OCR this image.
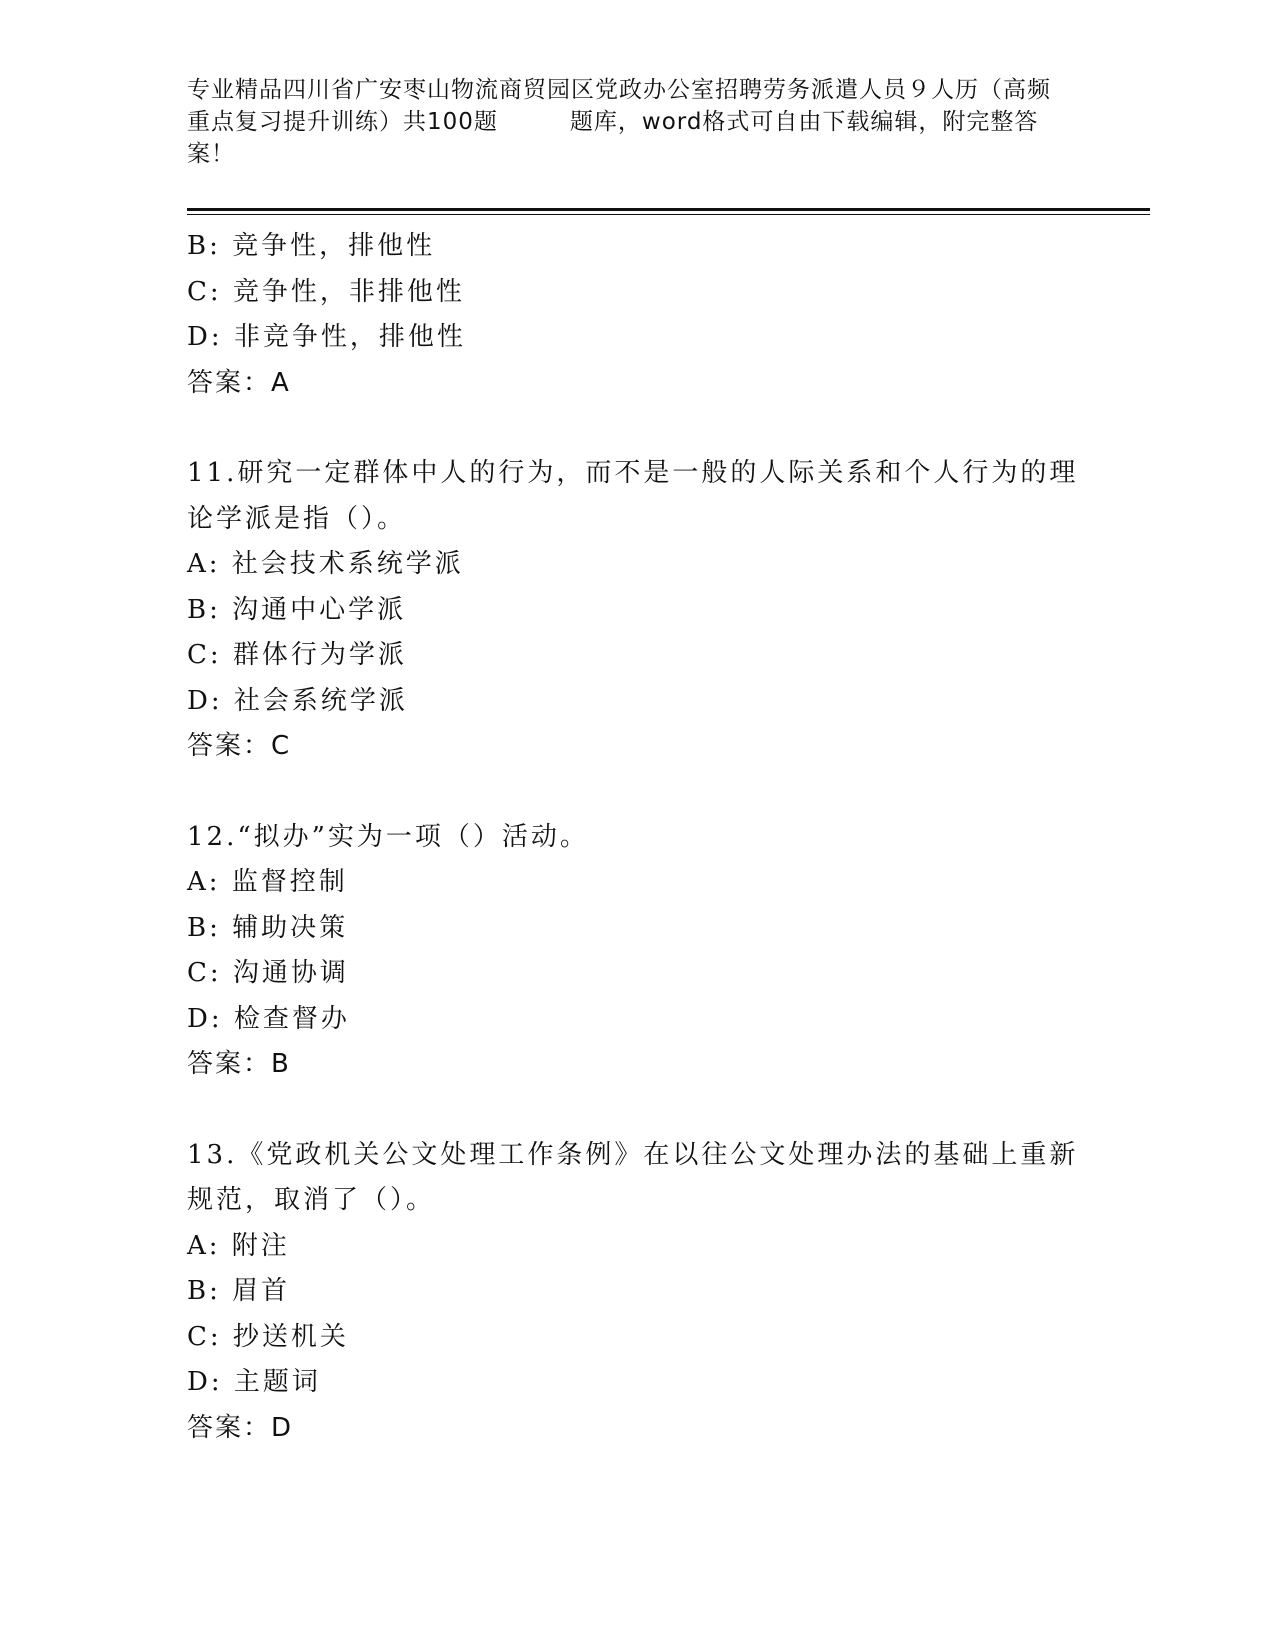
专业精品四川省广安枣山物流商贸园区党政办公室招聘劳务派遣人员９人历（高频
重点复习提升训练）共100题　　　题库，word格式可自由下载编辑，附完整答
案！
B: 竞争性，排他性
C: 竞争性，非排他性
D: 非竞争性，排他性
答案：A
11.研究一定群体中人的行为，而不是一般的人际关系和个人行为的理
论学派是指（）。
A: 社会技术系统学派
B: 沟通中心学派
C: 群体行为学派
D: 社会系统学派
答案：C
12.“拟办”实为一项（）活动。
A: 监督控制
B: 辅助决策
C: 沟通协调
D: 检查督办
答案：B
13.《党政机关公文处理工作条例》在以往公文处理办法的基础上重新
规范，取消了（）。
A: 附注
B: 眉首
C: 抄送机关
D: 主题词
答案：D
